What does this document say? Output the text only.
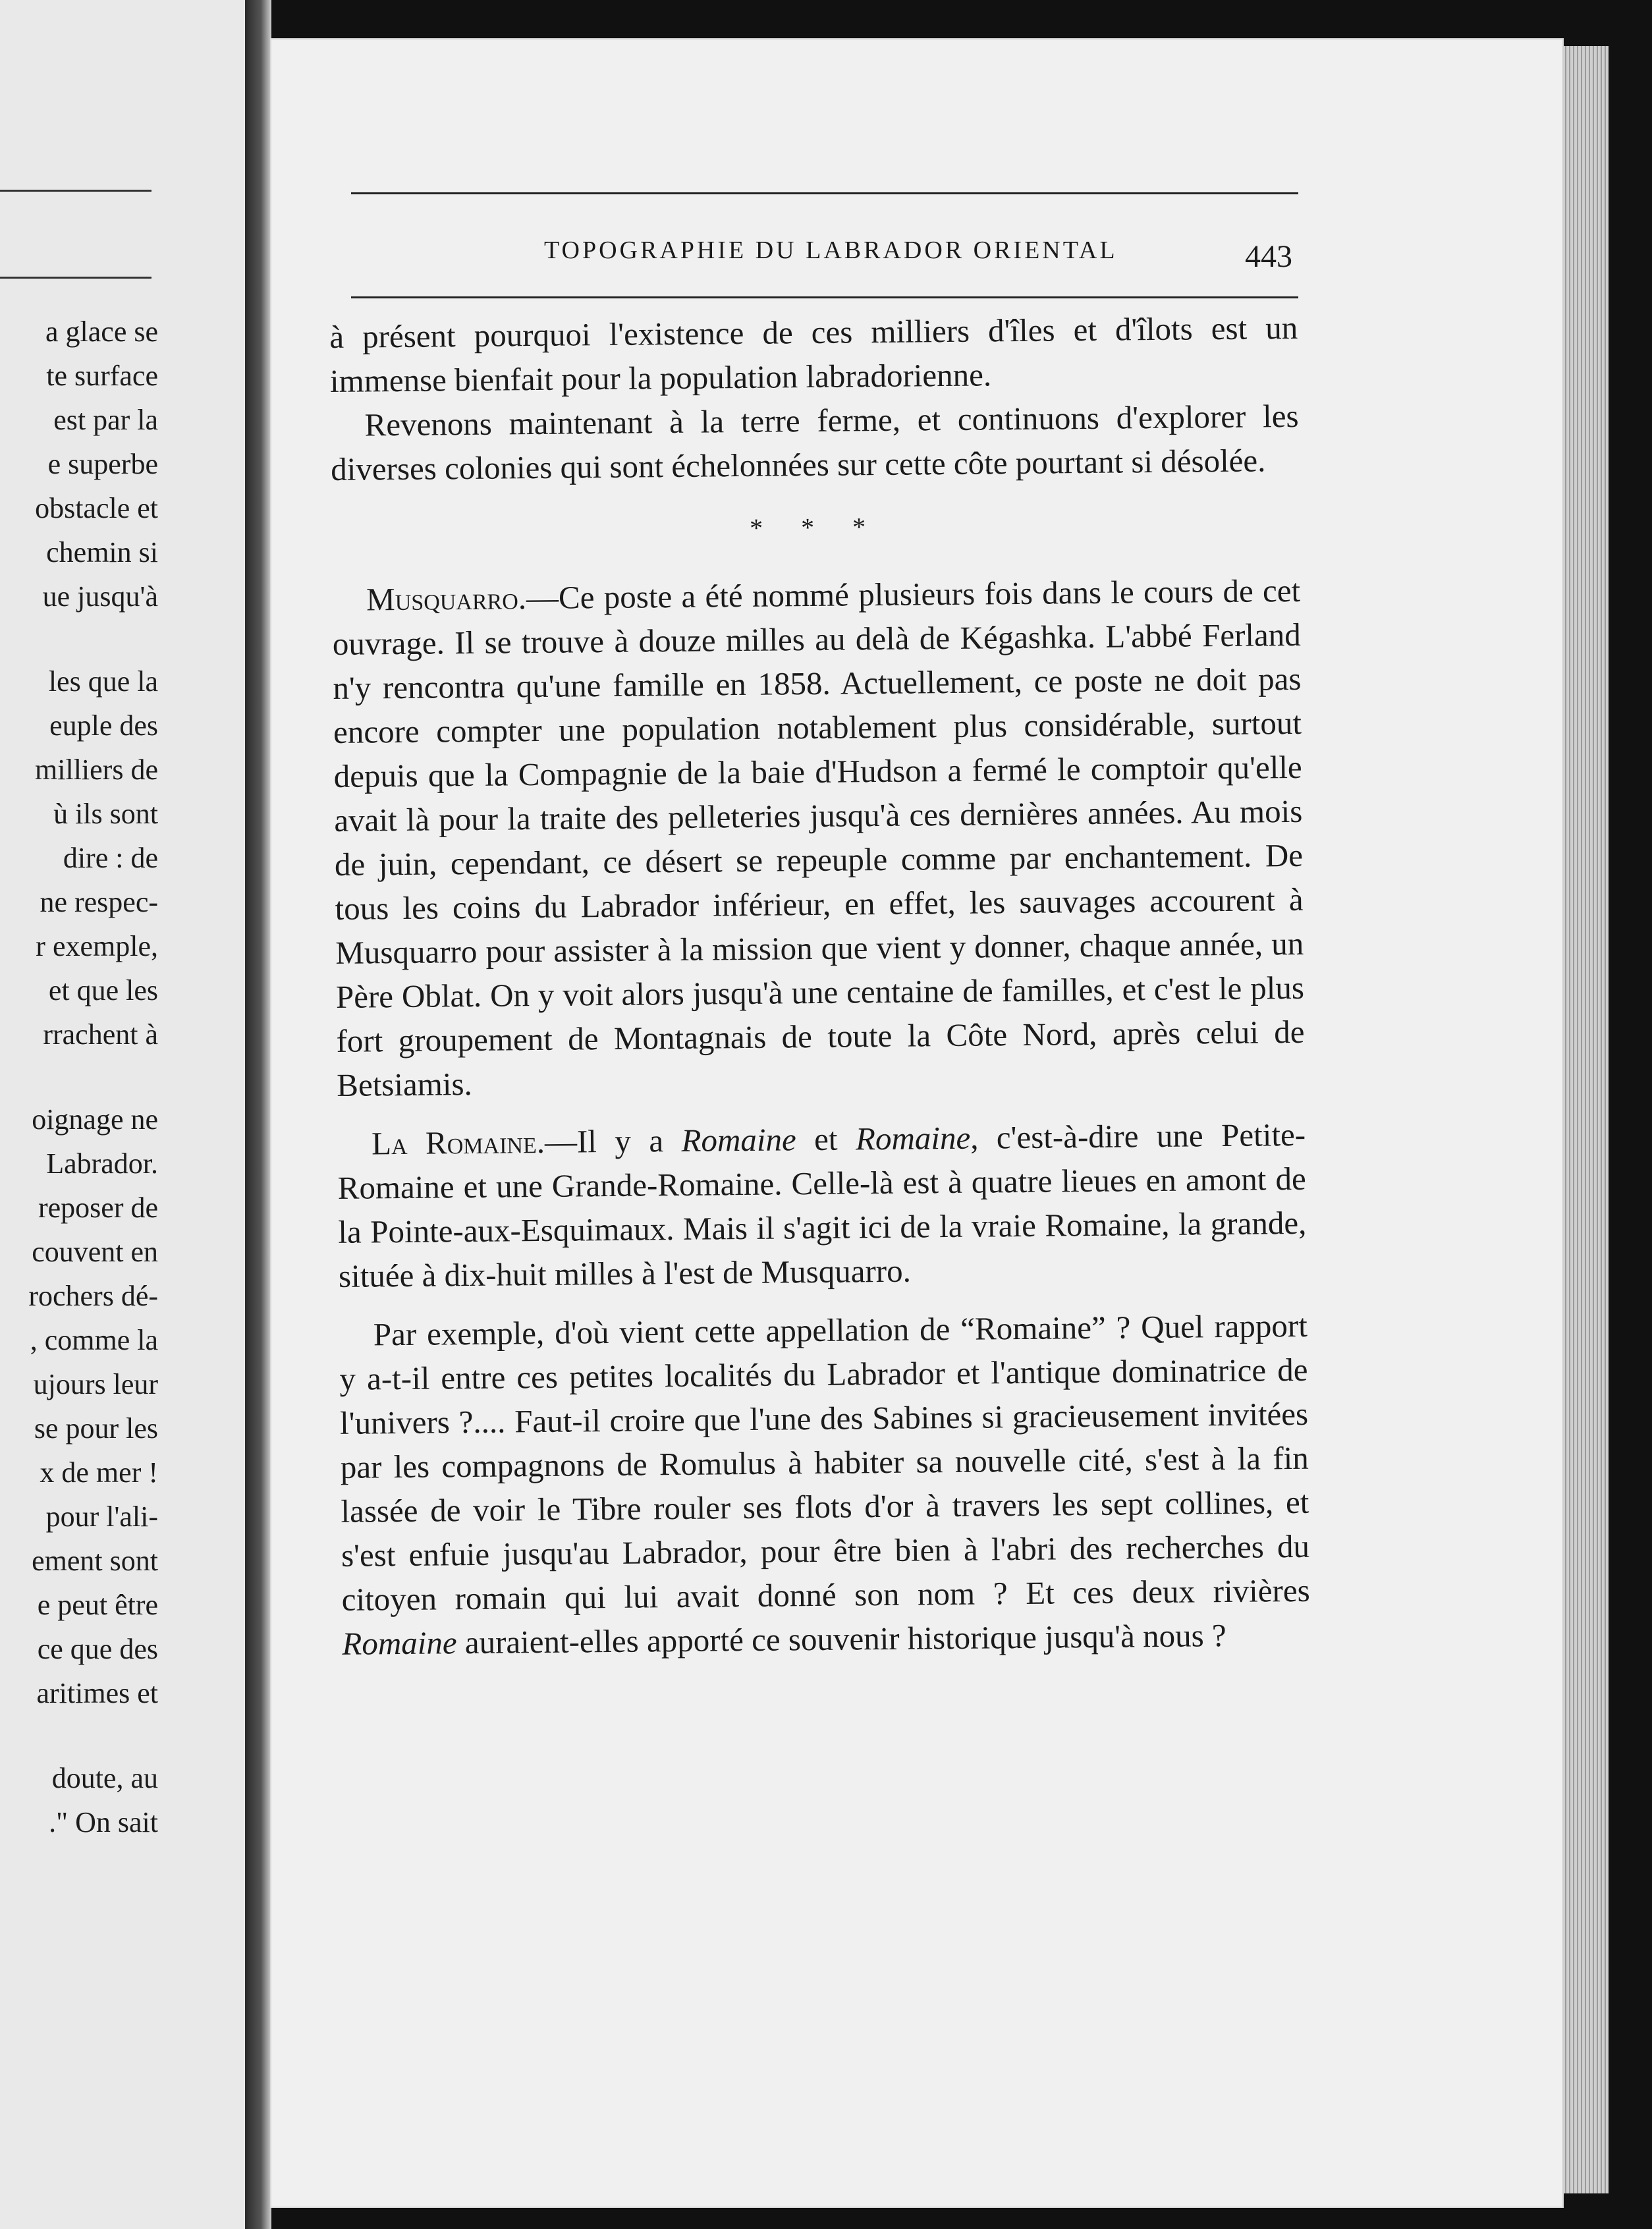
a glace se
te surface
est par la
e superbe
obstacle et
chemin si
ue jusqu'à
les que la
euple des
milliers de
ù ils sont
dire : de
ne respec-
r exemple,
et que les
rrachent à
oignage ne
Labrador.
reposer de
couvent en
rochers dé-
, comme la
ujours leur
se pour les
x de mer !
pour l'ali-
ement sont
e peut être
ce que des
aritimes et
doute, au
." On sait
TOPOGRAPHIE DU LABRADOR ORIENTAL	443

à présent pourquoi l'existence de ces milliers d'îles et d'îlots est un immense bienfait pour la population labradorienne.

Revenons maintenant à la terre ferme, et continuons d'explorer les diverses colonies qui sont échelonnées sur cette côte pourtant si désolée.

* * *

Musquarro.—Ce poste a été nommé plusieurs fois dans le cours de cet ouvrage. Il se trouve à douze milles au delà de Kégashka. L'abbé Ferland n'y rencontra qu'une famille en 1858. Actuellement, ce poste ne doit pas encore compter une population notablement plus considérable, surtout depuis que la Compagnie de la baie d'Hudson a fermé le comptoir qu'elle avait là pour la traite des pelleteries jusqu'à ces dernières années. Au mois de juin, cependant, ce désert se repeuple comme par enchantement. De tous les coins du Labrador inférieur, en effet, les sauvages accourent à Musquarro pour assister à la mission que vient y donner, chaque année, un Père Oblat. On y voit alors jusqu'à une centaine de familles, et c'est le plus fort groupement de Montagnais de toute la Côte Nord, après celui de Betsiamis.

La Romaine.—Il y a Romaine et Romaine, c'est-à-dire une Petite-Romaine et une Grande-Romaine. Celle-là est à quatre lieues en amont de la Pointe-aux-Esquimaux. Mais il s'agit ici de la vraie Romaine, la grande, située à dix-huit milles à l'est de Musquarro.

Par exemple, d'où vient cette appellation de “Romaine” ? Quel rapport y a-t-il entre ces petites localités du Labrador et l'antique dominatrice de l'univers ?.... Faut-il croire que l'une des Sabines si gracieusement invitées par les compagnons de Romulus à habiter sa nouvelle cité, s'est à la fin lassée de voir le Tibre rouler ses flots d'or à travers les sept collines, et s'est enfuie jusqu'au Labrador, pour être bien à l'abri des recherches du citoyen romain qui lui avait donné son nom ? Et ces deux rivières Romaine auraient-elles apporté ce souvenir historique jusqu'à nous ?
